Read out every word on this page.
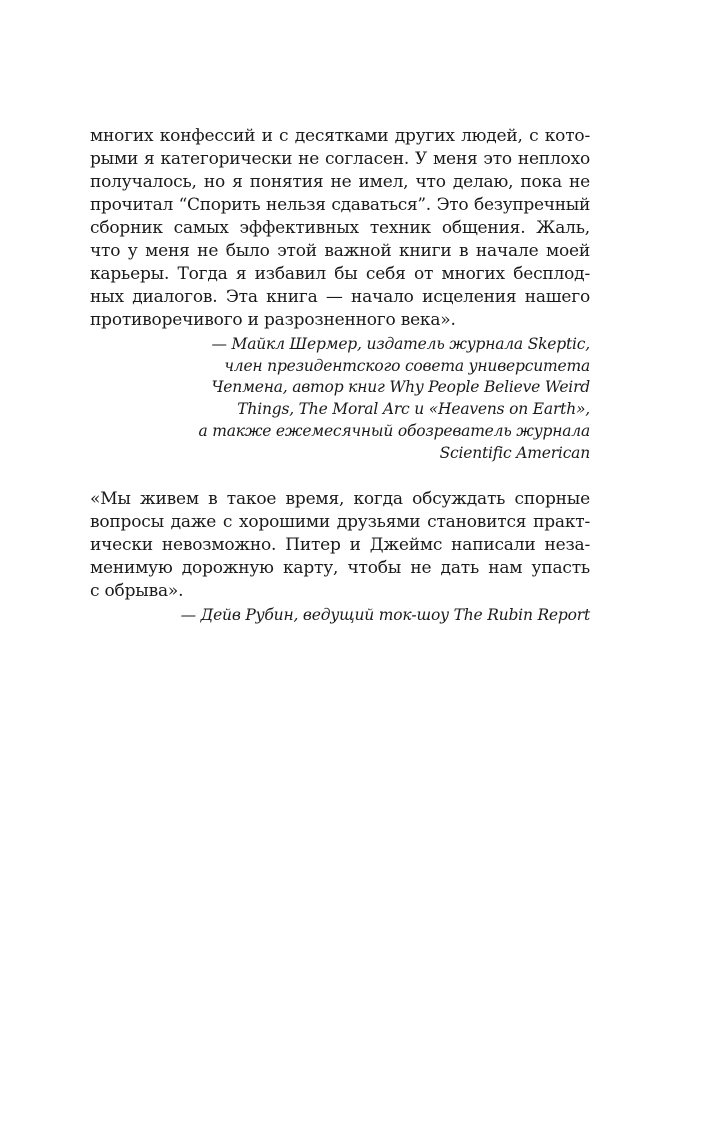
многих конфессий и с десятками других людей, с кото-
рыми я категорически не согласен. У меня это неплохо
получалось, но я понятия не имел, что делаю, пока не
прочитал “Спорить нельзя сдаваться”. Это безупречный
сборник самых эффективных техник общения. Жаль,
что у меня не было этой важной книги в начале моей
карьеры. Тогда я избавил бы себя от многих бесплод-
ных диалогов. Эта книга — начало исцеления нашего
противоречивого и разрозненного века».
— Майкл Шермер, издатель журнала Skeptic,
член президентского совета университета
Чепмена, автор книг Why People Believe Weird
Things, The Moral Arc и «Heavens on Earth»,
а также ежемесячный обозреватель журнала
Scientific American
«Мы живем в такое время, когда обсуждать спорные
вопросы даже с хорошими друзьями становится практ-
ически невозможно. Питер и Джеймс написали неза-
менимую дорожную карту, чтобы не дать нам упасть
с обрыва».
— Дейв Рубин, ведущий ток-шоу The Rubin Report
